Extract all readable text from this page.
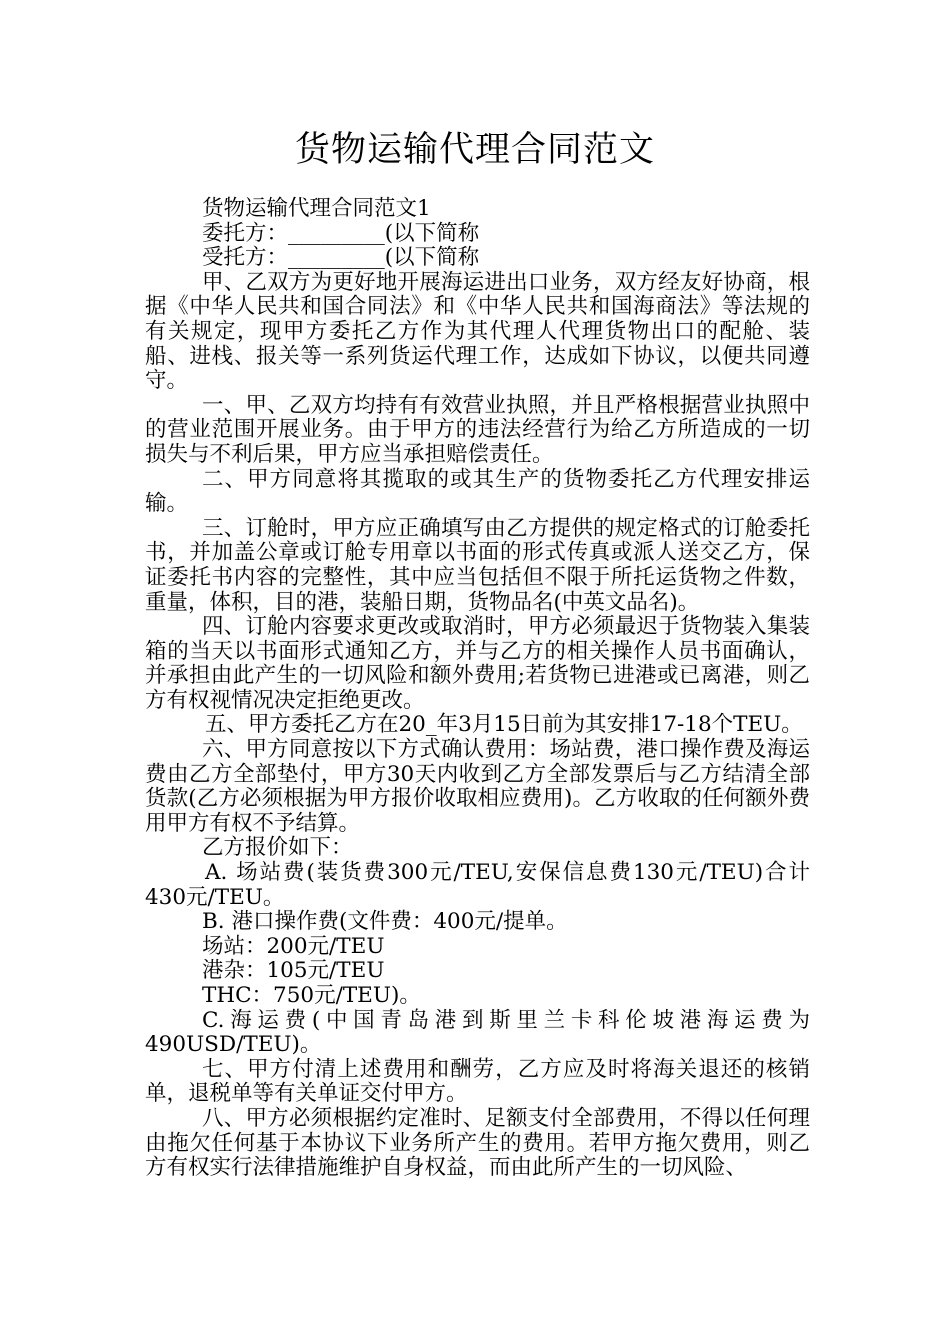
货物运输代理合同范文

货物运输代理合同范文1

委托方：_________(以下简称

受托方：_________(以下简称

甲、乙双方为更好地开展海运进出口业务，双方经友好协商，根据《中华人民共和国合同法》和《中华人民共和国海商法》等法规的有关规定，现甲方委托乙方作为其代理人代理货物出口的配舱、装船、进栈、报关等一系列货运代理工作，达成如下协议，以便共同遵守。

一、甲、乙双方均持有有效营业执照，并且严格根据营业执照中的营业范围开展业务。由于甲方的违法经营行为给乙方所造成的一切损失与不利后果，甲方应当承担赔偿责任。

二、甲方同意将其揽取的或其生产的货物委托乙方代理安排运输。

三、订舱时，甲方应正确填写由乙方提供的规定格式的订舱委托书，并加盖公章或订舱专用章以书面的形式传真或派人送交乙方，保证委托书内容的完整性，其中应当包括但不限于所托运货物之件数，重量，体积，目的港，装船日期，货物品名(中英文品名)。

四、订舱内容要求更改或取消时，甲方必须最迟于货物装入集装箱的当天以书面形式通知乙方，并与乙方的相关操作人员书面确认，并承担由此产生的一切风险和额外费用;若货物已进港或已离港，则乙方有权视情况决定拒绝更改。

五、甲方委托乙方在20_年3月15日前为其安排17-18个TEU。

六、甲方同意按以下方式确认费用：场站费，港口操作费及海运费由乙方全部垫付，甲方30天内收到乙方全部发票后与乙方结清全部货款(乙方必须根据为甲方报价收取相应费用)。乙方收取的任何额外费用甲方有权不予结算。

乙方报价如下：

A. 场站费(装货费300元/TEU,安保信息费130元/TEU)合计430元/TEU。

B. 港口操作费(文件费：400元/提单。

场站：200元/TEU

港杂：105元/TEU

THC：750元/TEU)。

C.海运费(中国青岛港到斯里兰卡科伦坡港海运费为490USD/TEU)。

七、甲方付清上述费用和酬劳，乙方应及时将海关退还的核销单，退税单等有关单证交付甲方。

八、甲方必须根据约定准时、足额支付全部费用，不得以任何理由拖欠任何基于本协议下业务所产生的费用。若甲方拖欠费用，则乙方有权实行法律措施维护自身权益，而由此所产生的一切风险、
